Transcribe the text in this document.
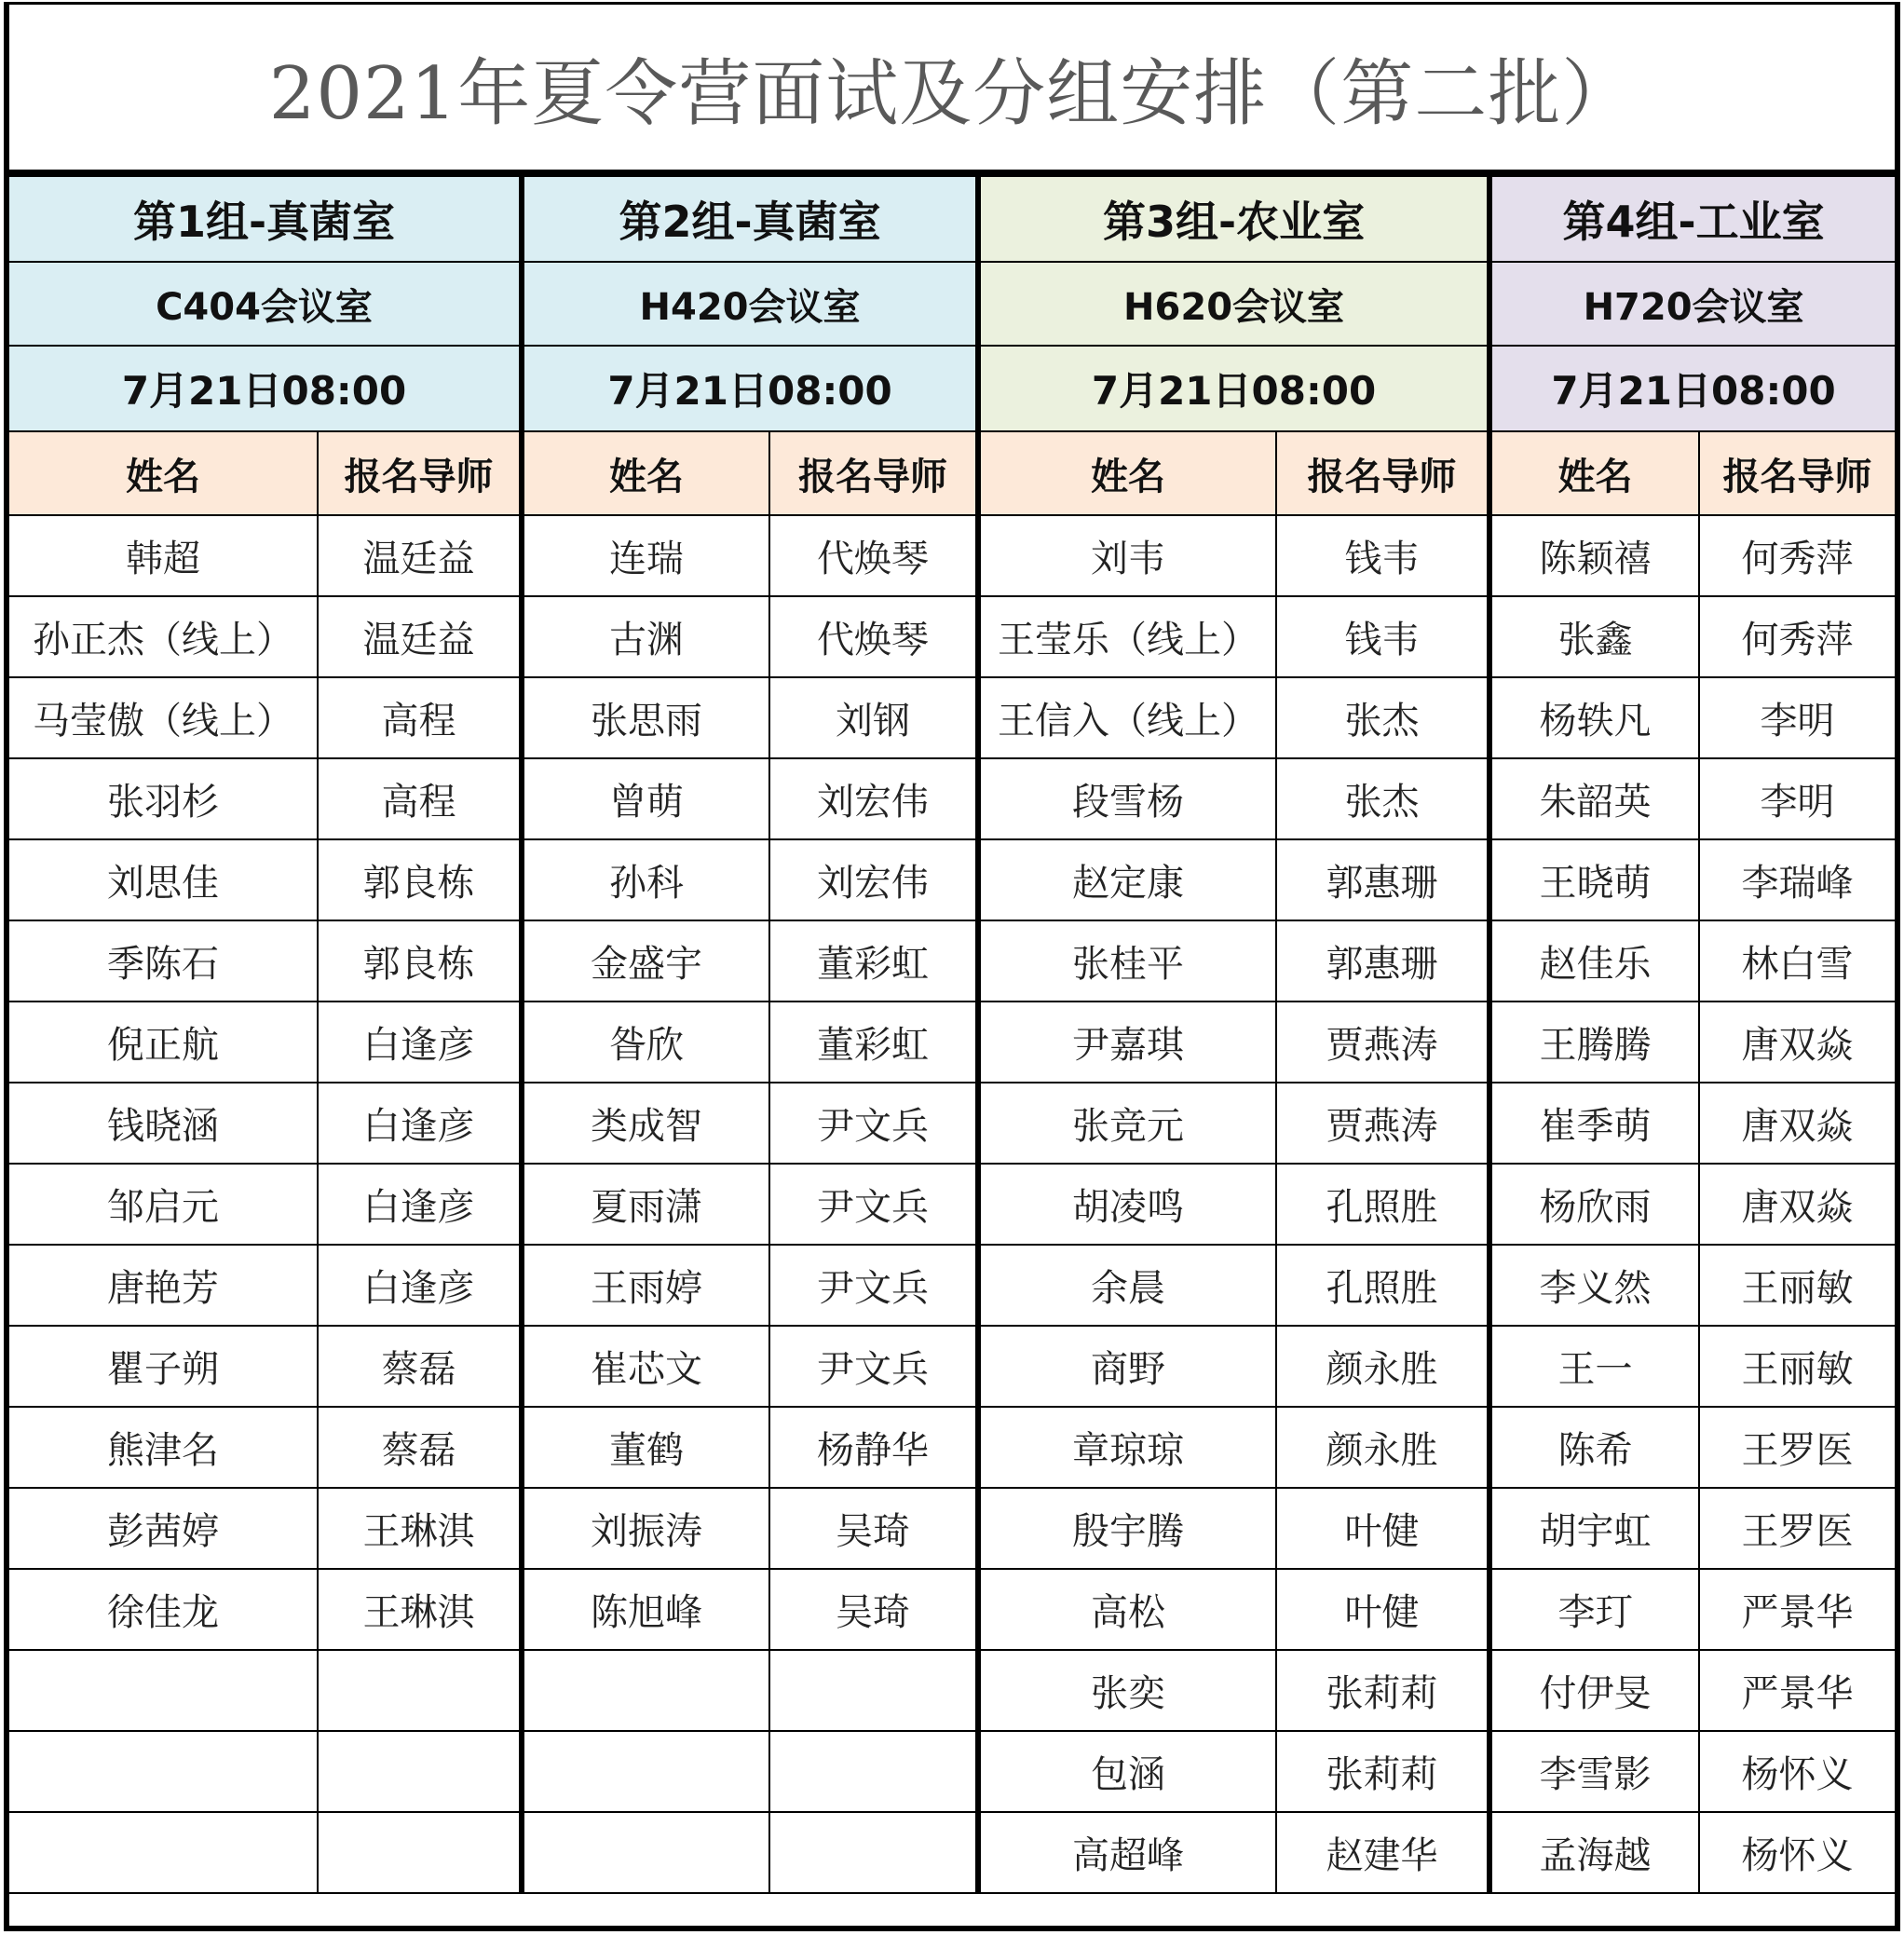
2021年夏令营面试及分组安排（第二批）
第1组-真菌室		第2组-真菌室		第3组-农业室		第4组-工业室	
C404会议室		H420会议室		H620会议室		H720会议室	
7月21日08:00		7月21日08:00		7月21日08:00		7月21日08:00	
姓名	报名导师	姓名	报名导师	姓名	报名导师	姓名	报名导师
韩超	温廷益	连瑞	代焕琴	刘韦	钱韦	陈颖禧	何秀萍
孙正杰（线上）	温廷益	古渊	代焕琴	王莹乐（线上）	钱韦	张鑫	何秀萍
马莹傲（线上）	高程	张思雨	刘钢	王信入（线上）	张杰	杨轶凡	李明
张羽杉	高程	曾萌	刘宏伟	段雪杨	张杰	朱韶英	李明
刘思佳	郭良栋	孙科	刘宏伟	赵定康	郭惠珊	王晓萌	李瑞峰
季陈石	郭良栋	金盛宇	董彩虹	张桂平	郭惠珊	赵佳乐	林白雪
倪正航	白逢彦	昝欣	董彩虹	尹嘉琪	贾燕涛	王腾腾	唐双焱
钱晓涵	白逢彦	类成智	尹文兵	张竞元	贾燕涛	崔季萌	唐双焱
邹启元	白逢彦	夏雨潇	尹文兵	胡凌鸣	孔照胜	杨欣雨	唐双焱
唐艳芳	白逢彦	王雨婷	尹文兵	余晨	孔照胜	李义然	王丽敏
瞿子朔	蔡磊	崔芯文	尹文兵	商野	颜永胜	王一	王丽敏
熊津名	蔡磊	董鹤	杨静华	章琼琼	颜永胜	陈希	王罗医
彭茜婷	王琳淇	刘振涛	吴琦	殷宇腾	叶健	胡宇虹	王罗医
徐佳龙	王琳淇	陈旭峰	吴琦	高松	叶健	李玎	严景华
				张奕	张莉莉	付伊旻	严景华
				包涵	张莉莉	李雪影	杨怀义
				高超峰	赵建华	孟海越	杨怀义
